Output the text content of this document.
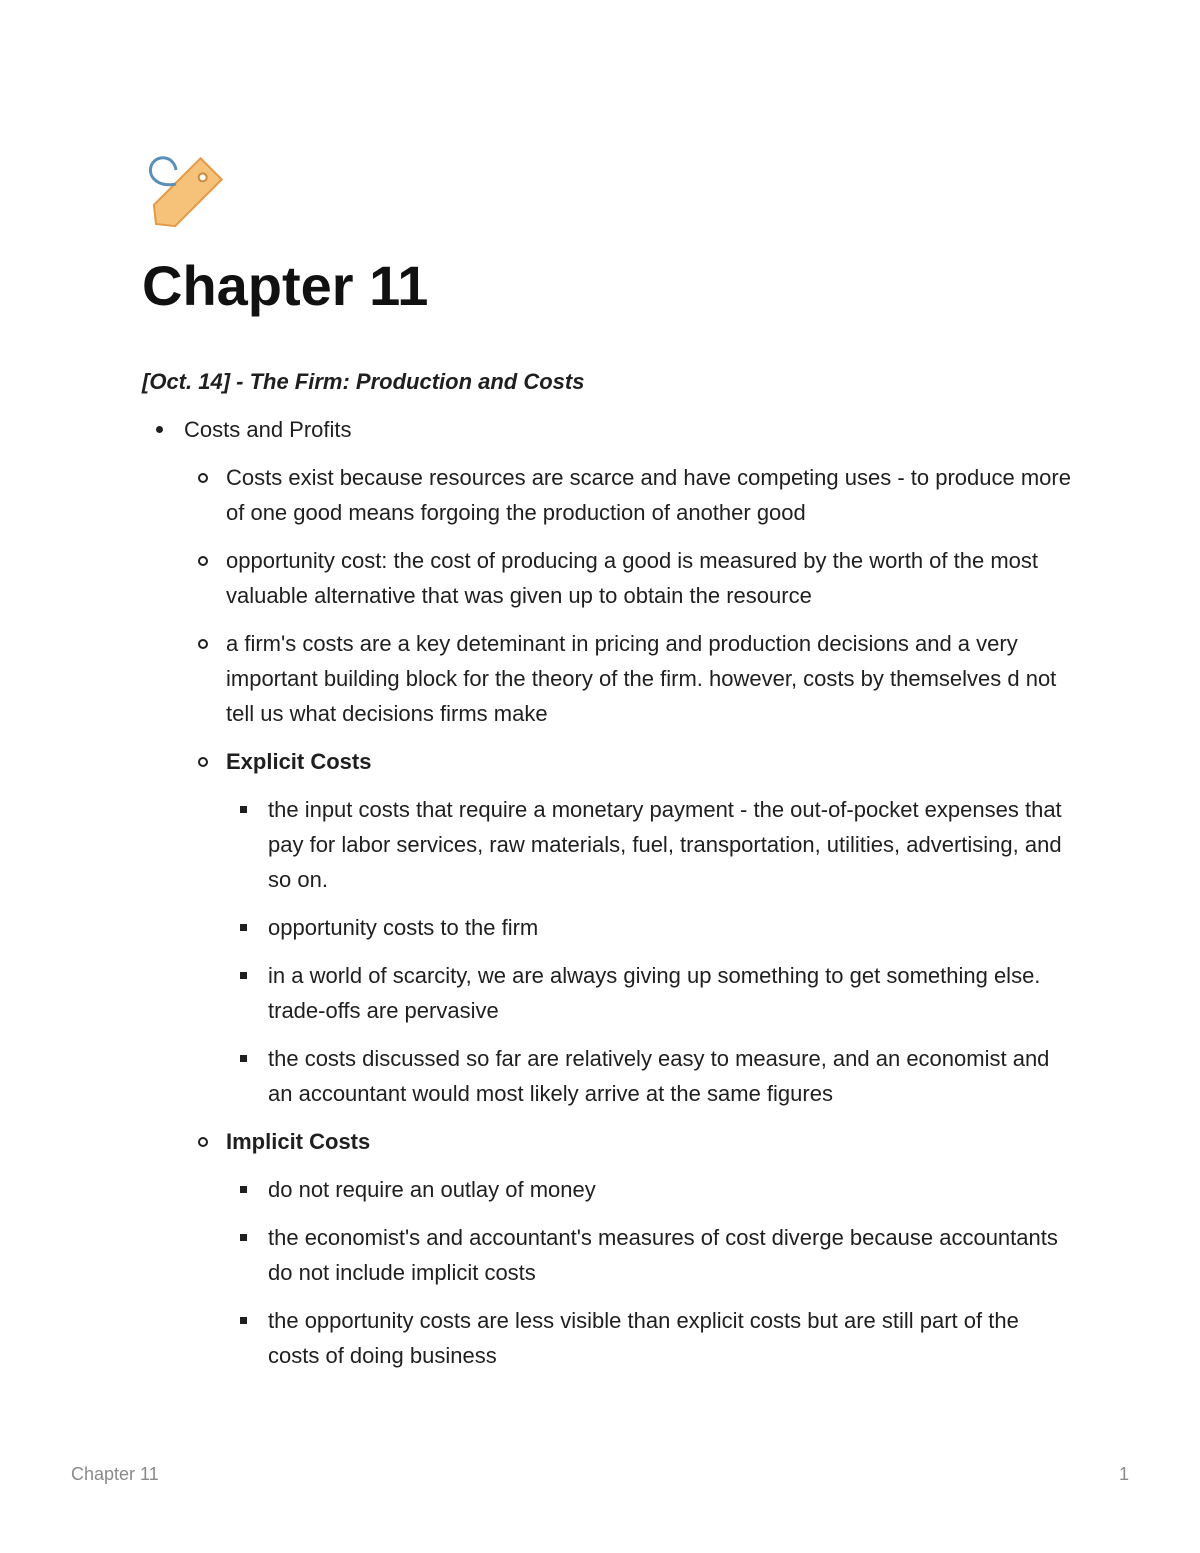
Chapter 11

[Oct. 14] - The Firm: Production and Costs

Costs and Profits
Costs exist because resources are scarce and have competing uses - to produce more of one good means forgoing the production of another good
opportunity cost: the cost of producing a good is measured by the worth of the most valuable alternative that was given up to obtain the resource
a firm's costs are a key deteminant in pricing and production decisions and a very important building block for the theory of the firm. however, costs by themselves d not tell us what decisions firms make
Explicit Costs
the input costs that require a monetary payment - the out-of-pocket expenses that pay for labor services, raw materials, fuel, transportation, utilities, advertising, and so on.
opportunity costs to the firm
in a world of scarcity, we are always giving up something to get something else. trade-offs are pervasive
the costs discussed so far are relatively easy to measure, and an economist and an accountant would most likely arrive at the same figures
Implicit Costs
do not require an outlay of money
the economist's and accountant's measures of cost diverge because accountants do not include implicit costs
the opportunity costs are less visible than explicit costs but are still part of the costs of doing business
Chapter 11	1
